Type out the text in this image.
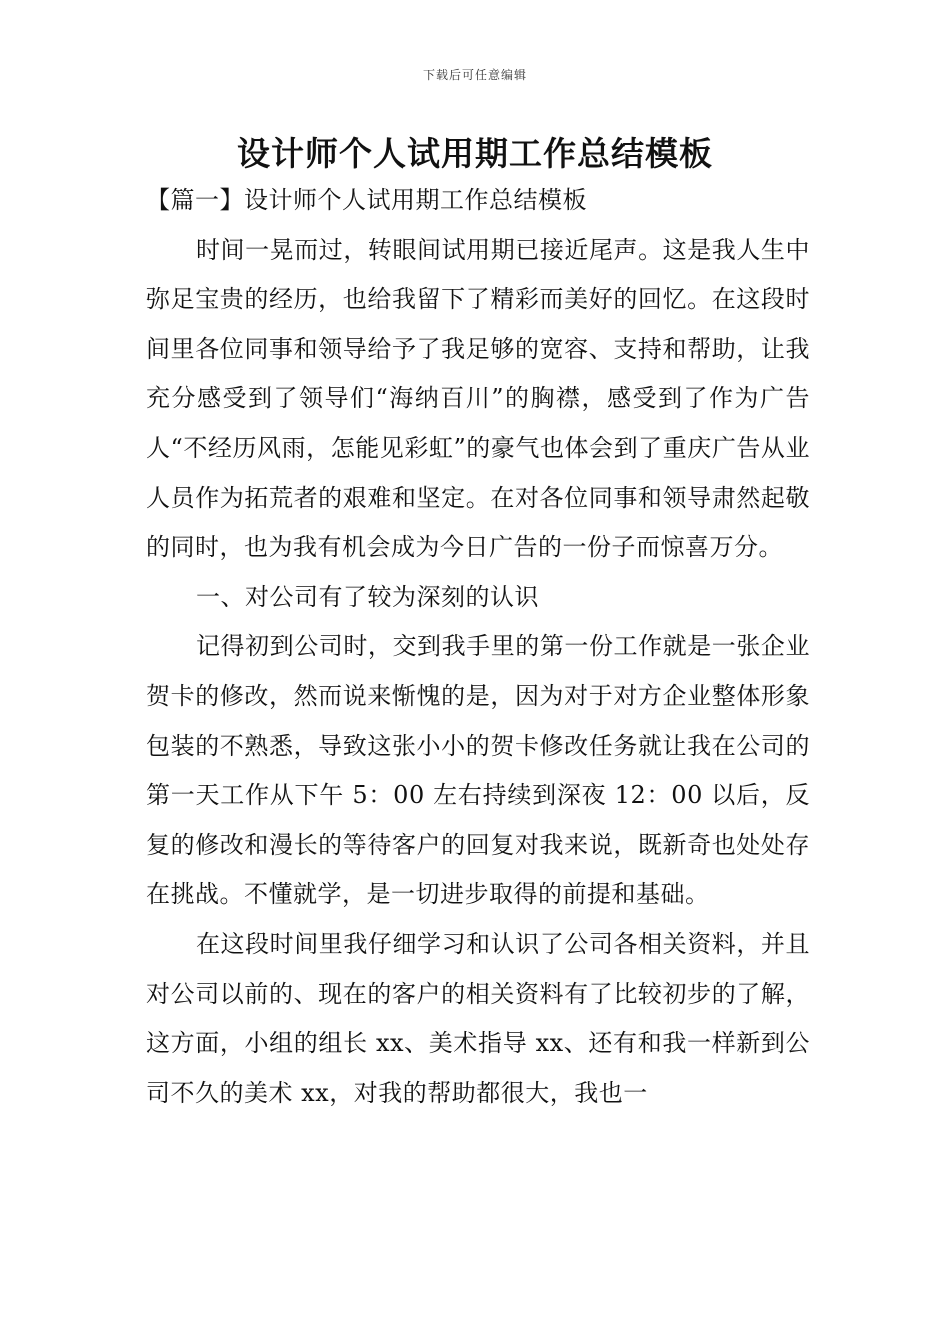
下载后可任意编辑
设计师个人试用期工作总结模板

【篇一】设计师个人试用期工作总结模板

时间一晃而过，转眼间试用期已接近尾声。这是我人生中弥足宝贵的经历，也给我留下了精彩而美好的回忆。在这段时间里各位同事和领导给予了我足够的宽容、支持和帮助，让我充分感受到了领导们“海纳百川”的胸襟，感受到了作为广告人“不经历风雨，怎能见彩虹”的豪气也体会到了重庆广告从业人员作为拓荒者的艰难和坚定。在对各位同事和领导肃然起敬的同时，也为我有机会成为今日广告的一份子而惊喜万分。

一、对公司有了较为深刻的认识

记得初到公司时，交到我手里的第一份工作就是一张企业贺卡的修改，然而说来惭愧的是，因为对于对方企业整体形象包装的不熟悉，导致这张小小的贺卡修改任务就让我在公司的第一天工作从下午 5：00 左右持续到深夜 12：00 以后，反复的修改和漫长的等待客户的回复对我来说，既新奇也处处存在挑战。不懂就学，是一切进步取得的前提和基础。

在这段时间里我仔细学习和认识了公司各相关资料，并且对公司以前的、现在的客户的相关资料有了比较初步的了解，这方面，小组的组长 xx、美术指导 xx、还有和我一样新到公司不久的美术 xx，对我的帮助都很大，我也一
